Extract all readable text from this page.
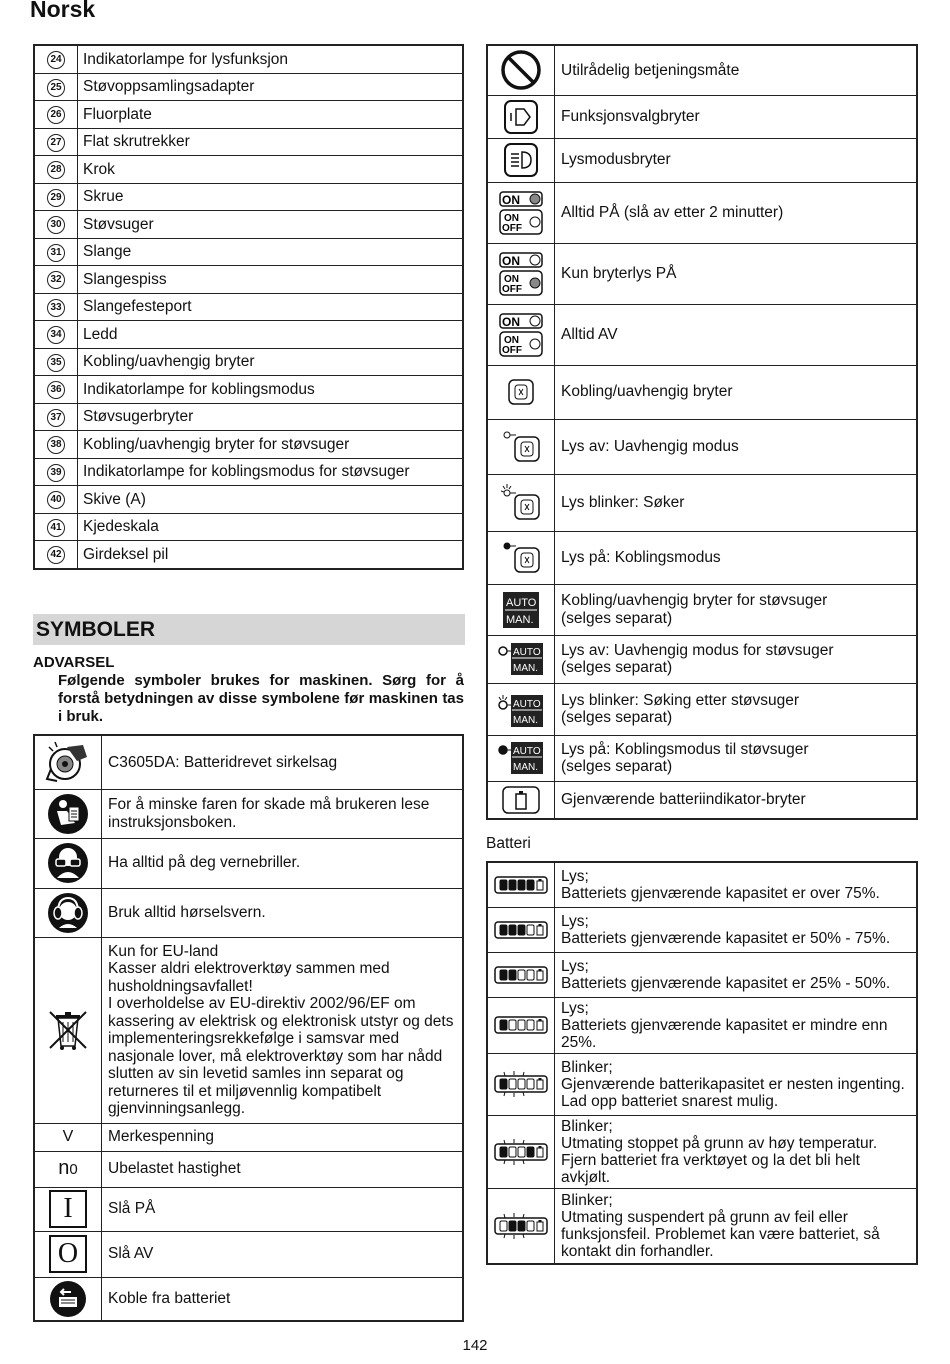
Norsk
24	Indikatorlampe for lysfunksjon
25	Støvoppsamlingsadapter
26	Fluorplate
27	Flat skrutrekker
28	Krok
29	Skrue
30	Støvsuger
31	Slange
32	Slangespiss
33	Slangefesteport
34	Ledd
35	Kobling/uavhengig bryter
36	Indikatorlampe for koblingsmodus
37	Støvsugerbryter
38	Kobling/uavhengig bryter for støvsuger
39	Indikatorlampe for koblingsmodus for støvsuger
40	Skive (A)
41	Kjedeskala
42	Girdeksel pil
SYMBOLER
ADVARSEL
Følgende symboler brukes for maskinen. Sørg for å forstå betydningen av disse symbolene før maskinen tas i bruk.
	C3605DA: Batteridrevet sirkelsag

	For å minske faren for skade må brukeren lese
instruksjonsboken.

	Ha alltid på deg vernebriller.

	Bruk alltid hørselsvern.

	Kun for EU-land
Kasser aldri elektroverktøy sammen med husholdningsavfallet!
I overholdelse av EU-direktiv 2002/96/EF om kassering av elektrisk og elektronisk utstyr og dets implementeringsrekkefølge i samsvar med nasjonale lover, må elektroverktøy som har nådd slutten av sin levetid samles inn separat og returneres til et miljøvennlig kompatibelt gjenvinningsanlegg.
V	Merkespenning
n0	Ubelastet hastighet
I	Slå PÅ
O	Slå AV

	Koble fra batteriet
	Utilrådelig betjeningsmåte

	Funksjonsvalgbryter

	Lysmodusbryter

ON
ON
OFF	Alltid PÅ (slå av etter 2 minutter)

ON
ON
OFF	Kun bryterlys PÅ

ON
ON
OFF	Alltid AV

	Kobling/uavhengig bryter

	Lys av: Uavhengig modus

	Lys blinker: Søker

	Lys på: Koblingsmodus

AUTO
MAN.	Kobling/uavhengig bryter for støvsuger
(selges separat)

AUTO
MAN.	Lys av: Uavhengig modus for støvsuger
(selges separat)

AUTO
MAN.	Lys blinker: Søking etter støvsuger
(selges separat)

AUTO
MAN.	Lys på: Koblingsmodus til støvsuger
(selges separat)

	Gjenværende batteriindikator-bryter
Batteri

Lys;
Batteriets gjenværende kapasitet er over 75%.

Lys;
Batteriets gjenværende kapasitet er 50% - 75%.

Lys;
Batteriets gjenværende kapasitet er 25% - 50%.

Lys;
Batteriets gjenværende kapasitet er mindre enn 25%.

Blinker;
Gjenværende batterikapasitet er nesten ingenting. Lad opp batteriet snarest mulig.

Blinker;
Utmating stoppet på grunn av høy temperatur. Fjern batteriet fra verktøyet og la det bli helt avkjølt.

Blinker;
Utmating suspendert på grunn av feil eller funksjonsfeil. Problemet kan være batteriet, så kontakt din forhandler.
142
